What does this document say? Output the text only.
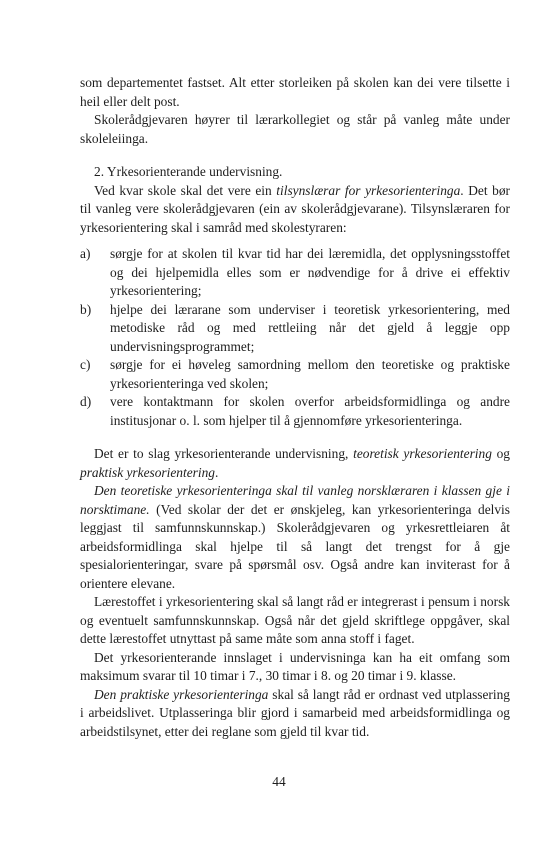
som departementet fastset. Alt etter storleiken på skolen kan dei vere tilsette i heil eller delt post.

Skolerådgjevaren høyrer til lærarkollegiet og står på vanleg måte under skoleleiinga.

2. Yrkesorienterande undervisning.

Ved kvar skole skal det vere ein tilsynslærar for yrkesorienteringa. Det bør til vanleg vere skolerådgjevaren (ein av skolerådgjevarane). Tilsynslæraren for yrkesorientering skal i samråd med skolestyraren:

a)	sørgje for at skolen til kvar tid har dei læremidla, det opplysningsstoffet og dei hjelpemidla elles som er nødvendige for å drive ei effektiv yrkesorientering;
b)	hjelpe dei lærarane som underviser i teoretisk yrkesorientering, med metodiske råd og med rettleiing når det gjeld å leggje opp undervisningsprogrammet;
c)	sørgje for ei høveleg samordning mellom den teoretiske og praktiske yrkesorienteringa ved skolen;
d)	vere kontaktmann for skolen overfor arbeidsformidlinga og andre institusjonar o. l. som hjelper til å gjennomføre yrkesorienteringa.

Det er to slag yrkesorienterande undervisning, teoretisk yrkesorientering og praktisk yrkesorientering.

Den teoretiske yrkesorienteringa skal til vanleg norsklæraren i klassen gje i norsktimane. (Ved skolar der det er ønskjeleg, kan yrkesorienteringa delvis leggjast til samfunnskunnskap.) Skolerådgjevaren og yrkesrettleiaren åt arbeidsformidlinga skal hjelpe til så langt det trengst for å gje spesialorienteringar, svare på spørsmål osv. Også andre kan inviterast for å orientere elevane.

Lærestoffet i yrkesorientering skal så langt råd er integrerast i pensum i norsk og eventuelt samfunnskunnskap. Også når det gjeld skriftlege oppgåver, skal dette lærestoffet utnyttast på same måte som anna stoff i faget.

Det yrkesorienterande innslaget i undervisninga kan ha eit omfang som maksimum svarar til 10 timar i 7., 30 timar i 8. og 20 timar i 9. klasse.

Den praktiske yrkesorienteringa skal så langt råd er ordnast ved utplassering i arbeidslivet. Utplasseringa blir gjord i samarbeid med arbeidsformidlinga og arbeidstilsynet, etter dei reglane som gjeld til kvar tid.

44
